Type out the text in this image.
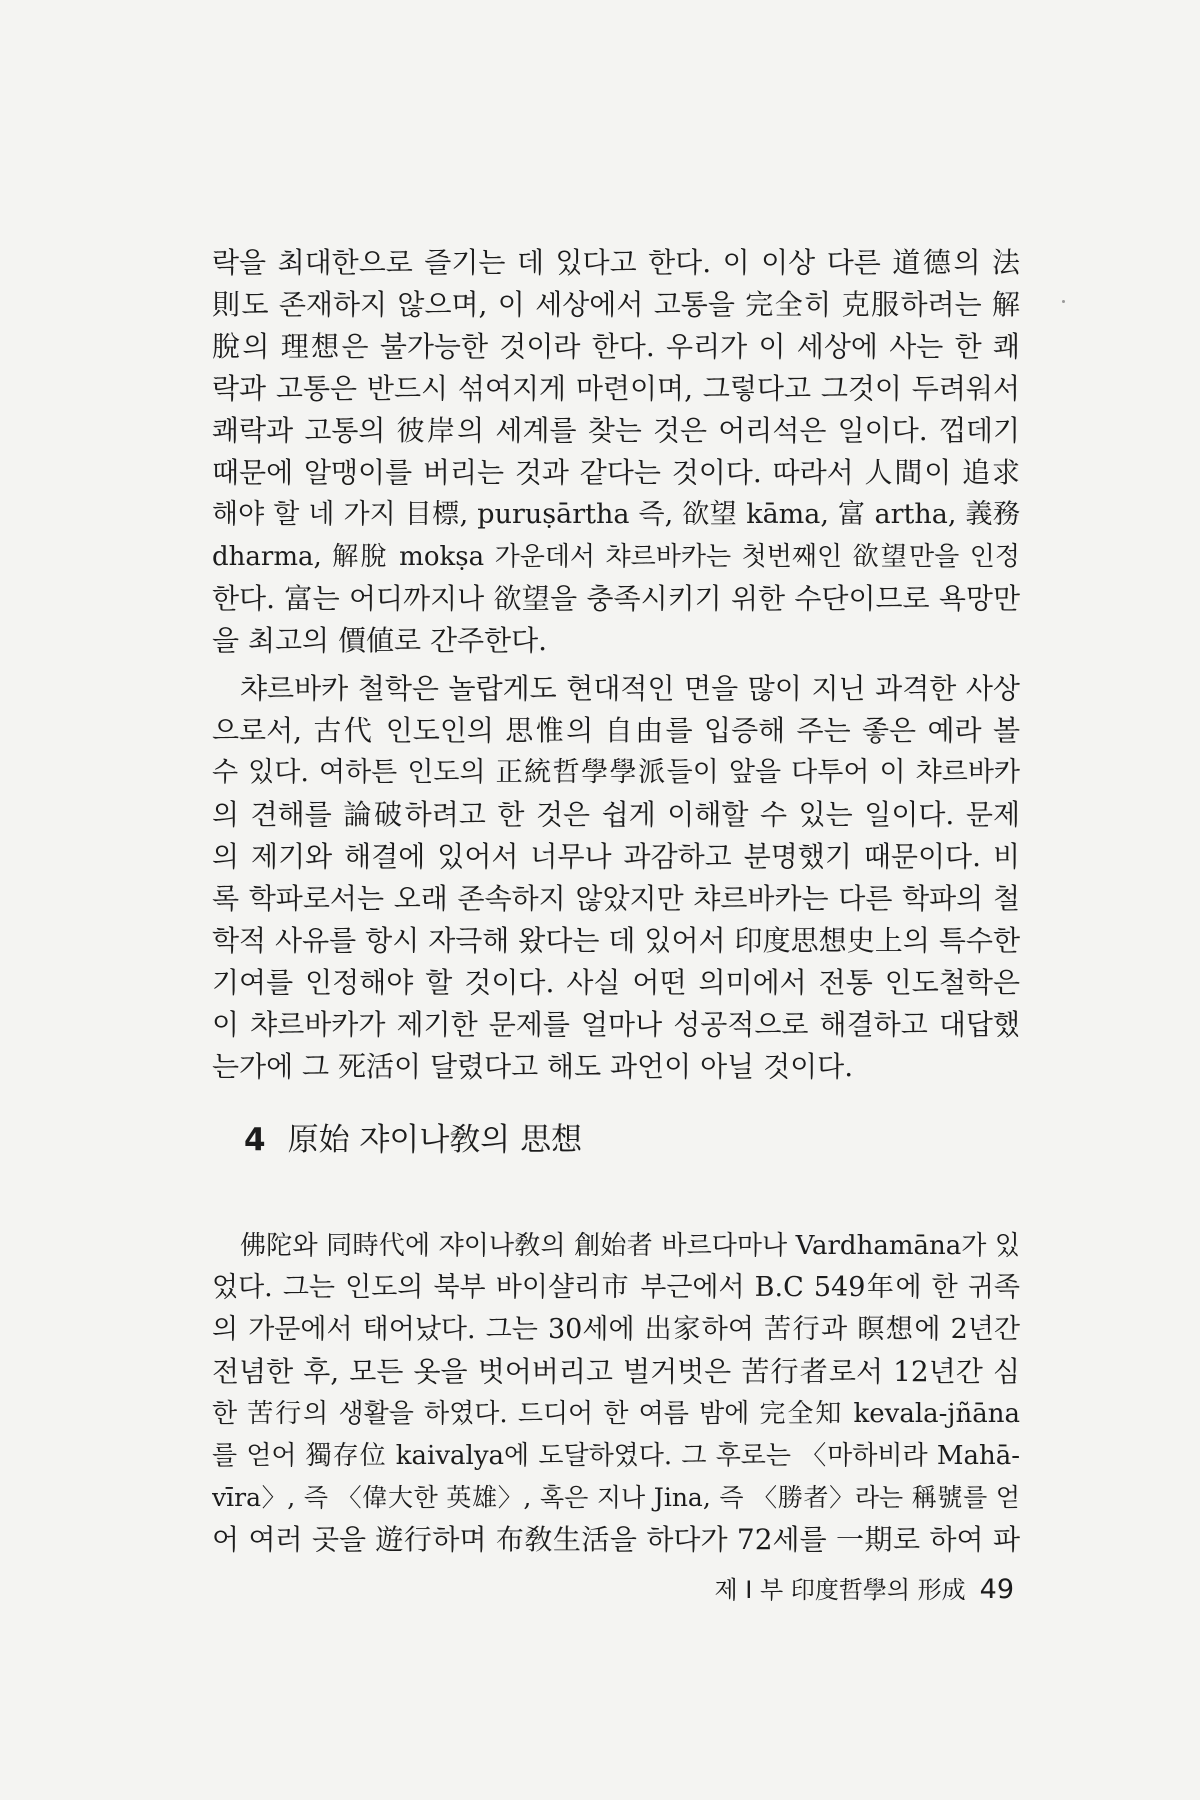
락을 최대한으로 즐기는 데 있다고 한다. 이 이상 다른 道德의 法
則도 존재하지 않으며, 이 세상에서 고통을 完全히 克服하려는 解
脫의 理想은 불가능한 것이라 한다. 우리가 이 세상에 사는 한 쾌
락과 고통은 반드시 섞여지게 마련이며, 그렇다고 그것이 두려워서
쾌락과 고통의 彼岸의 세계를 찾는 것은 어리석은 일이다. 껍데기
때문에 알맹이를 버리는 것과 같다는 것이다. 따라서 人間이 追求
해야 할 네 가지 目標, puruṣārtha 즉, 欲望 kāma, 富 artha, 義務
dharma, 解脫 mokṣa 가운데서 챠르바카는 첫번째인 欲望만을 인정
한다. 富는 어디까지나 欲望을 충족시키기 위한 수단이므로 욕망만
을 최고의 價値로 간주한다.
챠르바카 철학은 놀랍게도 현대적인 면을 많이 지닌 과격한 사상
으로서, 古代 인도인의 思惟의 自由를 입증해 주는 좋은 예라 볼
수 있다. 여하튼 인도의 正統哲學學派들이 앞을 다투어 이 챠르바카
의 견해를 論破하려고 한 것은 쉽게 이해할 수 있는 일이다. 문제
의 제기와 해결에 있어서 너무나 과감하고 분명했기 때문이다. 비
록 학파로서는 오래 존속하지 않았지만 챠르바카는 다른 학파의 철
학적 사유를 항시 자극해 왔다는 데 있어서 印度思想史上의 특수한
기여를 인정해야 할 것이다. 사실 어떤 의미에서 전통 인도철학은
이 챠르바카가 제기한 문제를 얼마나 성공적으로 해결하고 대답했
는가에 그 死活이 달렸다고 해도 과언이 아닐 것이다.
4 原始 쟈이나敎의 思想
佛陀와 同時代에 쟈이나敎의 創始者 바르다마나 Vardhamāna가 있
었다. 그는 인도의 북부 바이샬리市 부근에서 B.C 549年에 한 귀족
의 가문에서 태어났다. 그는 30세에 出家하여 苦行과 瞑想에 2년간
전념한 후, 모든 옷을 벗어버리고 벌거벗은 苦行者로서 12년간 심
한 苦行의 생활을 하였다. 드디어 한 여름 밤에 完全知 kevala-jñāna
를 얻어 獨存位 kaivalya에 도달하였다. 그 후로는 〈마하비라 Mahā-
vīra〉, 즉 〈偉大한 英雄〉, 혹은 지나 Jina, 즉 〈勝者〉라는 稱號를 얻
어 여러 곳을 遊行하며 布敎生活을 하다가 72세를 一期로 하여 파
제 I 부 印度哲學의 形成 49
